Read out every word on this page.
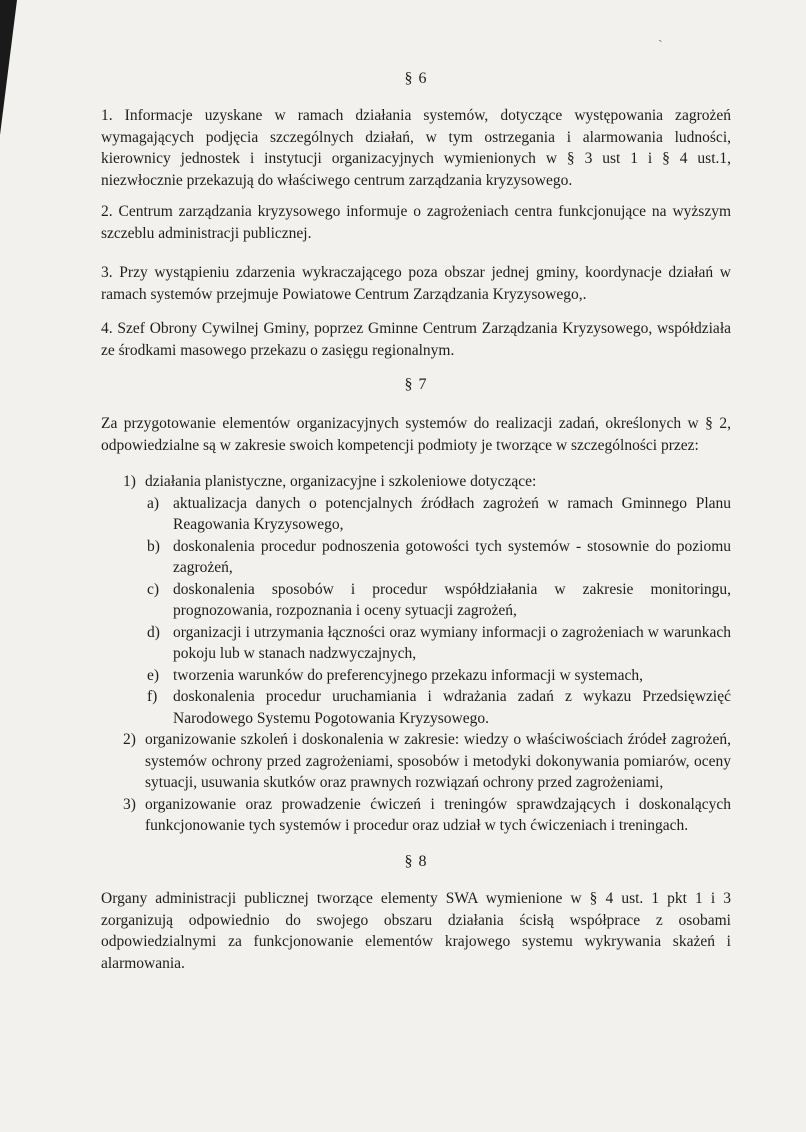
ˏ
§ 6

1. Informacje uzyskane w ramach działania systemów, dotyczące występowania zagrożeń wymagających podjęcia szczególnych działań, w tym ostrzegania i alarmowania ludności, kierownicy jednostek i instytucji organizacyjnych wymienionych w § 3 ust 1 i § 4 ust.1, niezwłocznie przekazują do właściwego centrum zarządzania kryzysowego.

2. Centrum zarządzania kryzysowego informuje o zagrożeniach centra funkcjonujące na wyższym szczeblu administracji publicznej.

3. Przy wystąpieniu zdarzenia wykraczającego poza obszar jednej gminy, koordynacje działań w ramach systemów przejmuje Powiatowe Centrum Zarządzania Kryzysowego,.

4. Szef Obrony Cywilnej Gminy, poprzez Gminne Centrum Zarządzania Kryzysowego, współdziała ze środkami masowego przekazu o zasięgu regionalnym.

§ 7

Za przygotowanie elementów organizacyjnych systemów do realizacji zadań, określonych w § 2, odpowiedzialne są w zakresie swoich kompetencji podmioty je tworzące w szczególności przez:

1) działania planistyczne, organizacyjne i szkoleniowe dotyczące:

a) aktualizacja danych o potencjalnych źródłach zagrożeń w ramach Gminnego Planu Reagowania Kryzysowego,

b) doskonalenia procedur podnoszenia gotowości tych systemów - stosownie do poziomu zagrożeń,

c) doskonalenia sposobów i procedur współdziałania w zakresie monitoringu, prognozowania, rozpoznania i oceny sytuacji zagrożeń,

d) organizacji i utrzymania łączności oraz wymiany informacji o zagrożeniach w warunkach pokoju lub w stanach nadzwyczajnych,

e) tworzenia warunków do preferencyjnego przekazu informacji w systemach,

f) doskonalenia procedur uruchamiania i wdrażania zadań z wykazu Przedsięwzięć Narodowego Systemu Pogotowania Kryzysowego.

2) organizowanie szkoleń i doskonalenia w zakresie: wiedzy o właściwościach źródeł zagrożeń, systemów ochrony przed zagrożeniami, sposobów i metodyki dokonywania pomiarów, oceny sytuacji, usuwania skutków oraz prawnych rozwiązań ochrony przed zagrożeniami,

3) organizowanie oraz prowadzenie ćwiczeń i treningów sprawdzających i doskonalących funkcjonowanie tych systemów i procedur oraz udział w tych ćwiczeniach i treningach.

§ 8

Organy administracji publicznej tworzące elementy SWA wymienione w § 4 ust. 1 pkt 1 i 3 zorganizują odpowiednio do swojego obszaru działania ścisłą współprace z osobami odpowiedzialnymi za funkcjonowanie elementów krajowego systemu wykrywania skażeń i alarmowania.
